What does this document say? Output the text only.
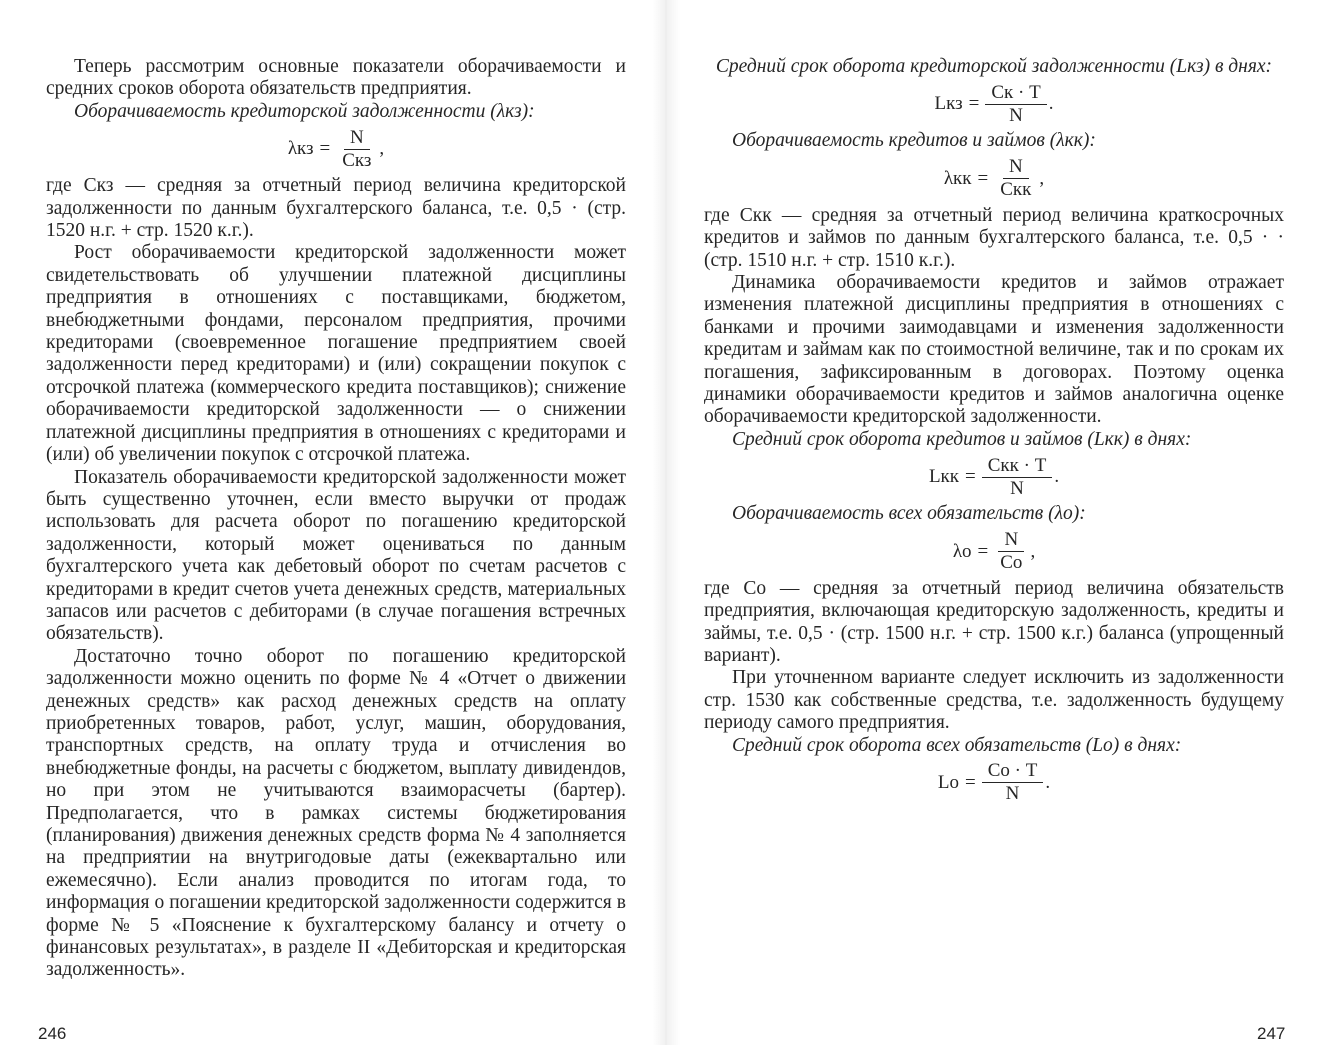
Теперь рассмотрим основные показатели оборачиваемости и средних сроков оборота обязательств предприятия.

Оборачиваемость кредиторской задолженности (λкз):

$\lambda кз = \frac{N}{\text{Скз}}$ ,

где Скз — средняя за отчетный период величина кредиторской задолженности по данным бухгалтерского баланса, т.е. 0,5 · (стр. 1520 н.г. + стр. 1520 к.г.).

Рост оборачиваемости кредиторской задолженности может свидетельствовать об улучшении платежной дисциплины предприятия в отношениях с поставщиками, бюджетом, внебюджетными фондами, персоналом предприятия, прочими кредиторами (своевременное погашение предприятием своей задолженности перед кредиторами) и (или) сокращении покупок с отсрочкой платежа (коммерческого кредита поставщиков); снижение оборачиваемости кредиторской задолженности — о снижении платежной дисциплины предприятия в отношениях с кредиторами и (или) об увеличении покупок с отсрочкой платежа.

Показатель оборачиваемости кредиторской задолженности может быть существенно уточнен, если вместо выручки от продаж использовать для расчета оборот по погашению кредиторской задолженности, который может оцениваться по данным бухгалтерского учета как дебетовый оборот по счетам расчетов с кредиторами в кредит счетов учета денежных средств, материальных запасов или расчетов с дебиторами (в случае погашения встречных обязательств).

Достаточно точно оборот по погашению кредиторской задолженности можно оценить по форме № 4 «Отчет о движении денежных средств» как расход денежных средств на оплату приобретенных товаров, работ, услуг, машин, оборудования, транспортных средств, на оплату труда и отчисления во внебюджетные фонды, на расчеты с бюджетом, выплату дивидендов, но при этом не учитываются взаиморасчеты (бартер). Предполагается, что в рамках системы бюджетирования (планирования) движения денежных средств форма № 4 заполняется на предприятии на внутригодовые даты (ежеквартально или ежемесячно). Если анализ проводится по итогам года, то информация о погашении кредиторской задолженности содержится в форме № 5 «Пояснение к бухгалтерскому балансу и отчету о финансовых результатах», в разделе II «Дебиторская и кредиторская задолженность».

246

Средний срок оборота кредиторской задолженности (Lкз) в днях:

Lкз = $\frac{Ск \cdot T}{N}$ .

Оборачиваемость кредитов и займов (λкк):

$\lambda кк = \frac{N}{\text{Скк}}$ ,

где Скк — средняя за отчетный период величина краткосрочных кредитов и займов по данным бухгалтерского баланса, т.е. 0,5 · · (стр. 1510 н.г. + стр. 1510 к.г.).

Динамика оборачиваемости кредитов и займов отражает изменения платежной дисциплины предприятия в отношениях с банками и прочими заимодавцами и изменения задолженности кредитам и займам как по стоимостной величине, так и по срокам их погашения, зафиксированным в договорах. Поэтому оценка динамики оборачиваемости кредитов и займов аналогична оценке оборачиваемости кредиторской задолженности.

Средний срок оборота кредитов и займов (Lкк) в днях:

Lкк = $\frac{\text{Скк · T}}{N}$ .

Оборачиваемость всех обязательств (λо):

$\lambda о = \frac{N}{Со}$ ,

где Со — средняя за отчетный период величина обязательств предприятия, включающая кредиторскую задолженность, кредиты и займы, т.е. 0,5 · (стр. 1500 н.г. + стр. 1500 к.г.) баланса (упрощенный вариант).

При уточненном варианте следует исключить из задолженности стр. 1530 как собственные средства, т.е. задолженность будущему периоду самого предприятия.

Средний срок оборота всех обязательств (Lо) в днях:

Lо = $\frac{Со \cdot T}{N}$ .
247
